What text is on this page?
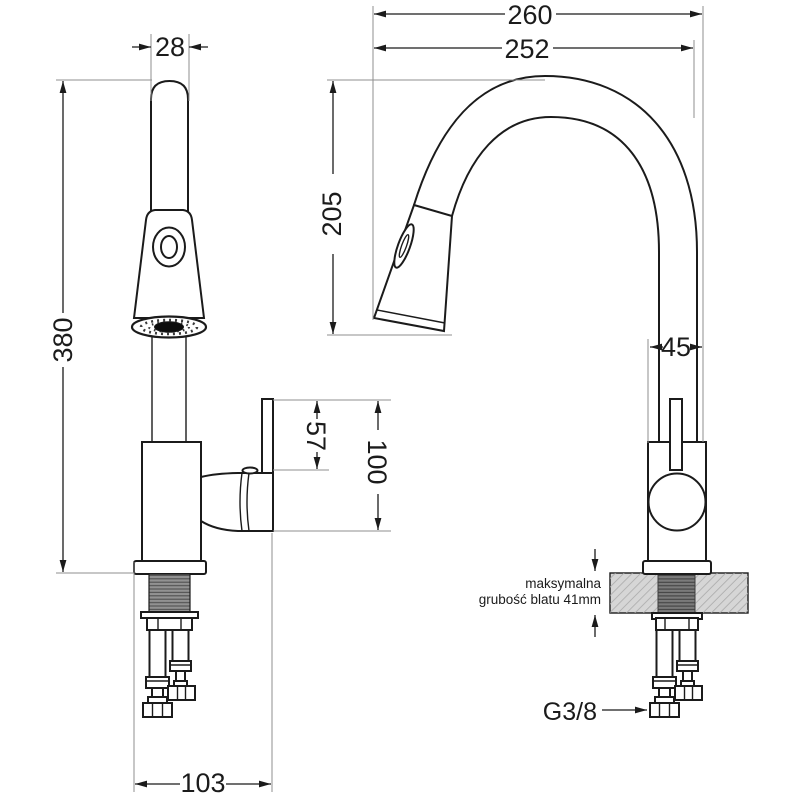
28
380
57
100
103
260
252
205
45
maksymalna
grubość blatu 41mm
G3/8
